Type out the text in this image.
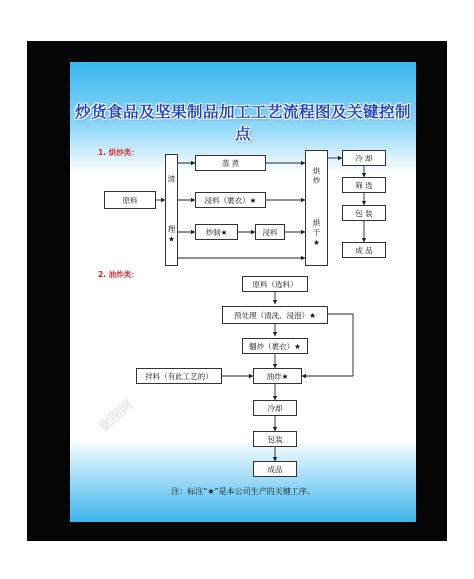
炒货食品及坚果制品加工工艺流程图及关键控制点
1. 烘炒类：
原料
清
理★
蒸 煮
浸料（裹衣）★
炒制★	浸料
烘炒
烘干★
冷 却
筛 选
包 装
成 品
2. 油炸类：
原料（选料）
预处理（清洗、浸泡）★
翻炒（裹衣）★
拌料（有此工艺的）	油炸★
冷却
包装
成品
注：标注“★”是本公司生产的关键工序。
昵图网
